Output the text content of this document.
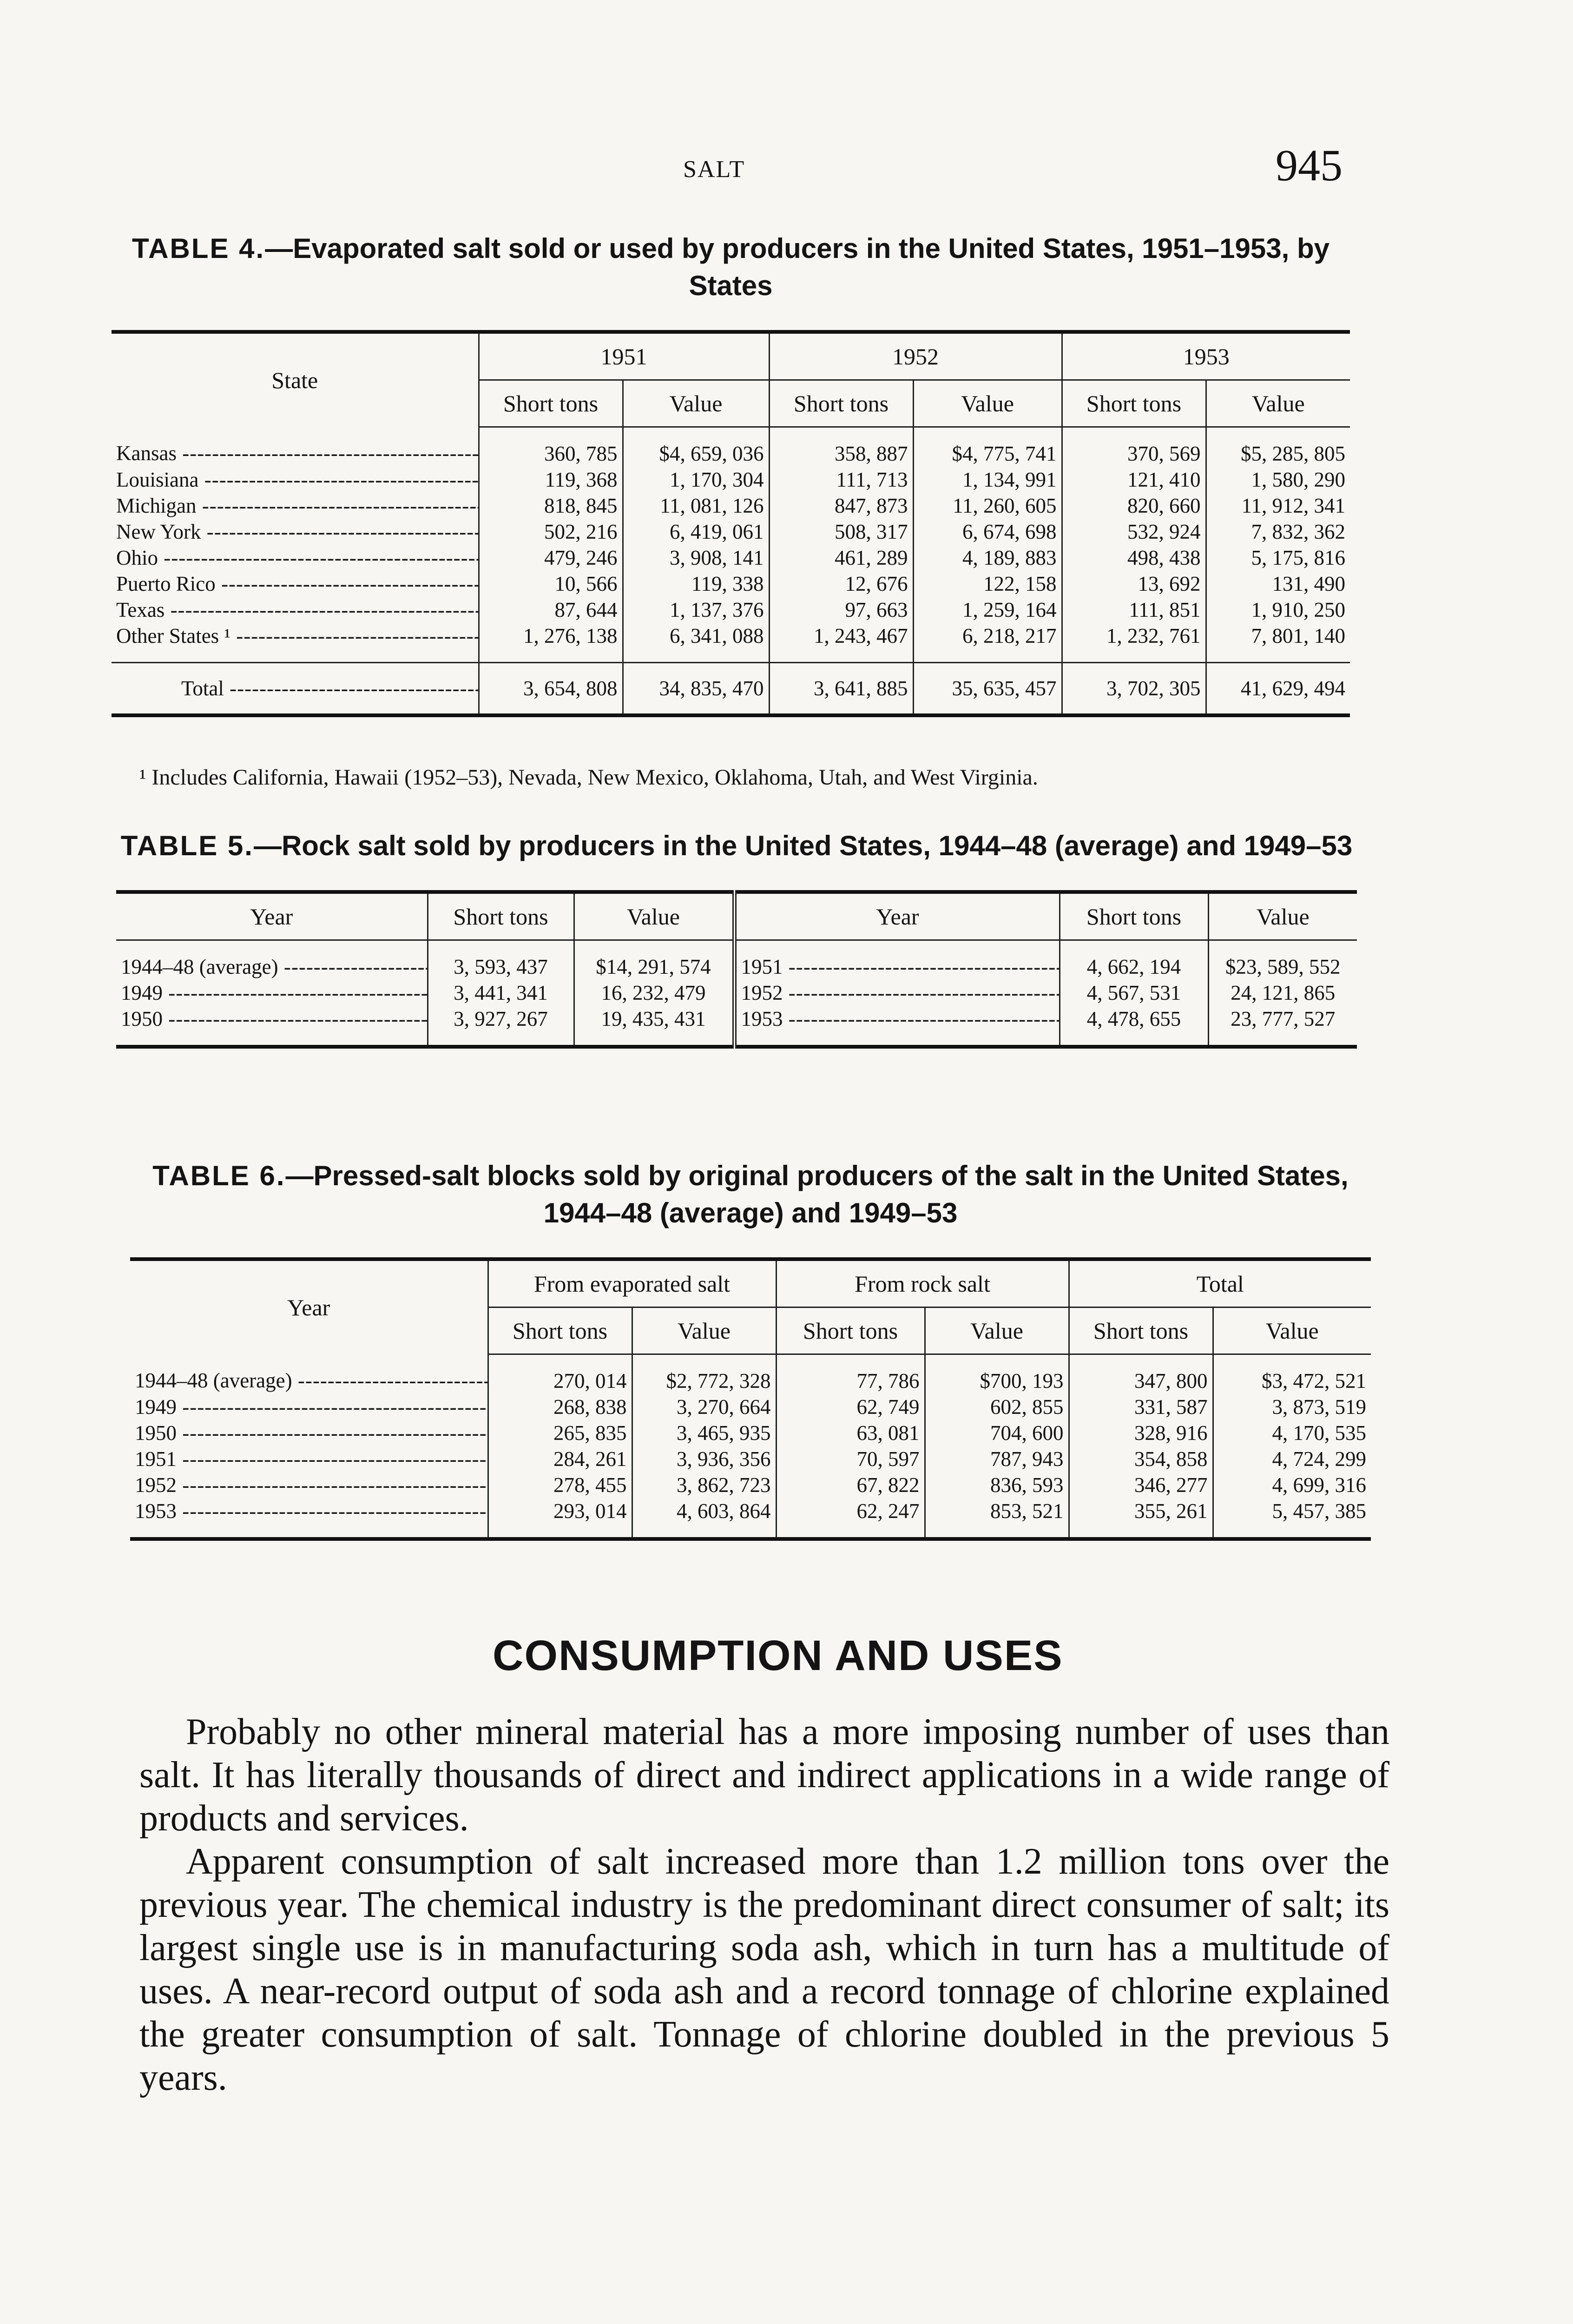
SALT	945
TABLE 4.—Evaporated salt sold or used by producers in the United States, 1951–1953, by States
State	1951		1952		1953	
	Short tons	Value	Short tons	Value	Short tons	Value
Kansas -----	360, 785	$4, 659, 036	358, 887	$4, 775, 741	370, 569	$5, 285, 805
Louisiana -----	119, 368	1, 170, 304	111, 713	1, 134, 991	121, 410	1, 580, 290
Michigan -----	818, 845	11, 081, 126	847, 873	11, 260, 605	820, 660	11, 912, 341
New York -----	502, 216	6, 419, 061	508, 317	6, 674, 698	532, 924	7, 832, 362
Ohio -----	479, 246	3, 908, 141	461, 289	4, 189, 883	498, 438	5, 175, 816
Puerto Rico -----	10, 566	119, 338	12, 676	122, 158	13, 692	131, 490
Texas -----	87, 644	1, 137, 376	97, 663	1, 259, 164	111, 851	1, 910, 250
Other States ¹ -----	1, 276, 138	6, 341, 088	1, 243, 467	6, 218, 217	1, 232, 761	7, 801, 140
Total -----	3, 654, 808	34, 835, 470	3, 641, 885	35, 635, 457	3, 702, 305	41, 629, 494
¹ Includes California, Hawaii (1952–53), Nevada, New Mexico, Oklahoma, Utah, and West Virginia.
TABLE 5.—Rock salt sold by producers in the United States, 1944–48 (average) and 1949–53
Year	Short tons	Value	Year	Short tons	Value
1944–48 (average) -----	3, 593, 437	$14, 291, 574	1951 -----	4, 662, 194	$23, 589, 552
1949 -----	3, 441, 341	16, 232, 479	1952 -----	4, 567, 531	24, 121, 865
1950 -----	3, 927, 267	19, 435, 431	1953 -----	4, 478, 655	23, 777, 527
TABLE 6.—Pressed-salt blocks sold by original producers of the salt in the United States, 1944–48 (average) and 1949–53
Year	From evaporated salt		From rock salt		Total	
	Short tons	Value	Short tons	Value	Short tons	Value
1944–48 (average) -----	270, 014	$2, 772, 328	77, 786	$700, 193	347, 800	$3, 472, 521
1949 -----	268, 838	3, 270, 664	62, 749	602, 855	331, 587	3, 873, 519
1950 -----	265, 835	3, 465, 935	63, 081	704, 600	328, 916	4, 170, 535
1951 -----	284, 261	3, 936, 356	70, 597	787, 943	354, 858	4, 724, 299
1952 -----	278, 455	3, 862, 723	67, 822	836, 593	346, 277	4, 699, 316
1953 -----	293, 014	4, 603, 864	62, 247	853, 521	355, 261	5, 457, 385
CONSUMPTION AND USES

Probably no other mineral material has a more imposing number of uses than salt. It has literally thousands of direct and indirect applications in a wide range of products and services.

Apparent consumption of salt increased more than 1.2 million tons over the previous year. The chemical industry is the predominant direct consumer of salt; its largest single use is in manufacturing soda ash, which in turn has a multitude of uses. A near-record output of soda ash and a record tonnage of chlorine explained the greater consumption of salt. Tonnage of chlorine doubled in the previous 5 years.
